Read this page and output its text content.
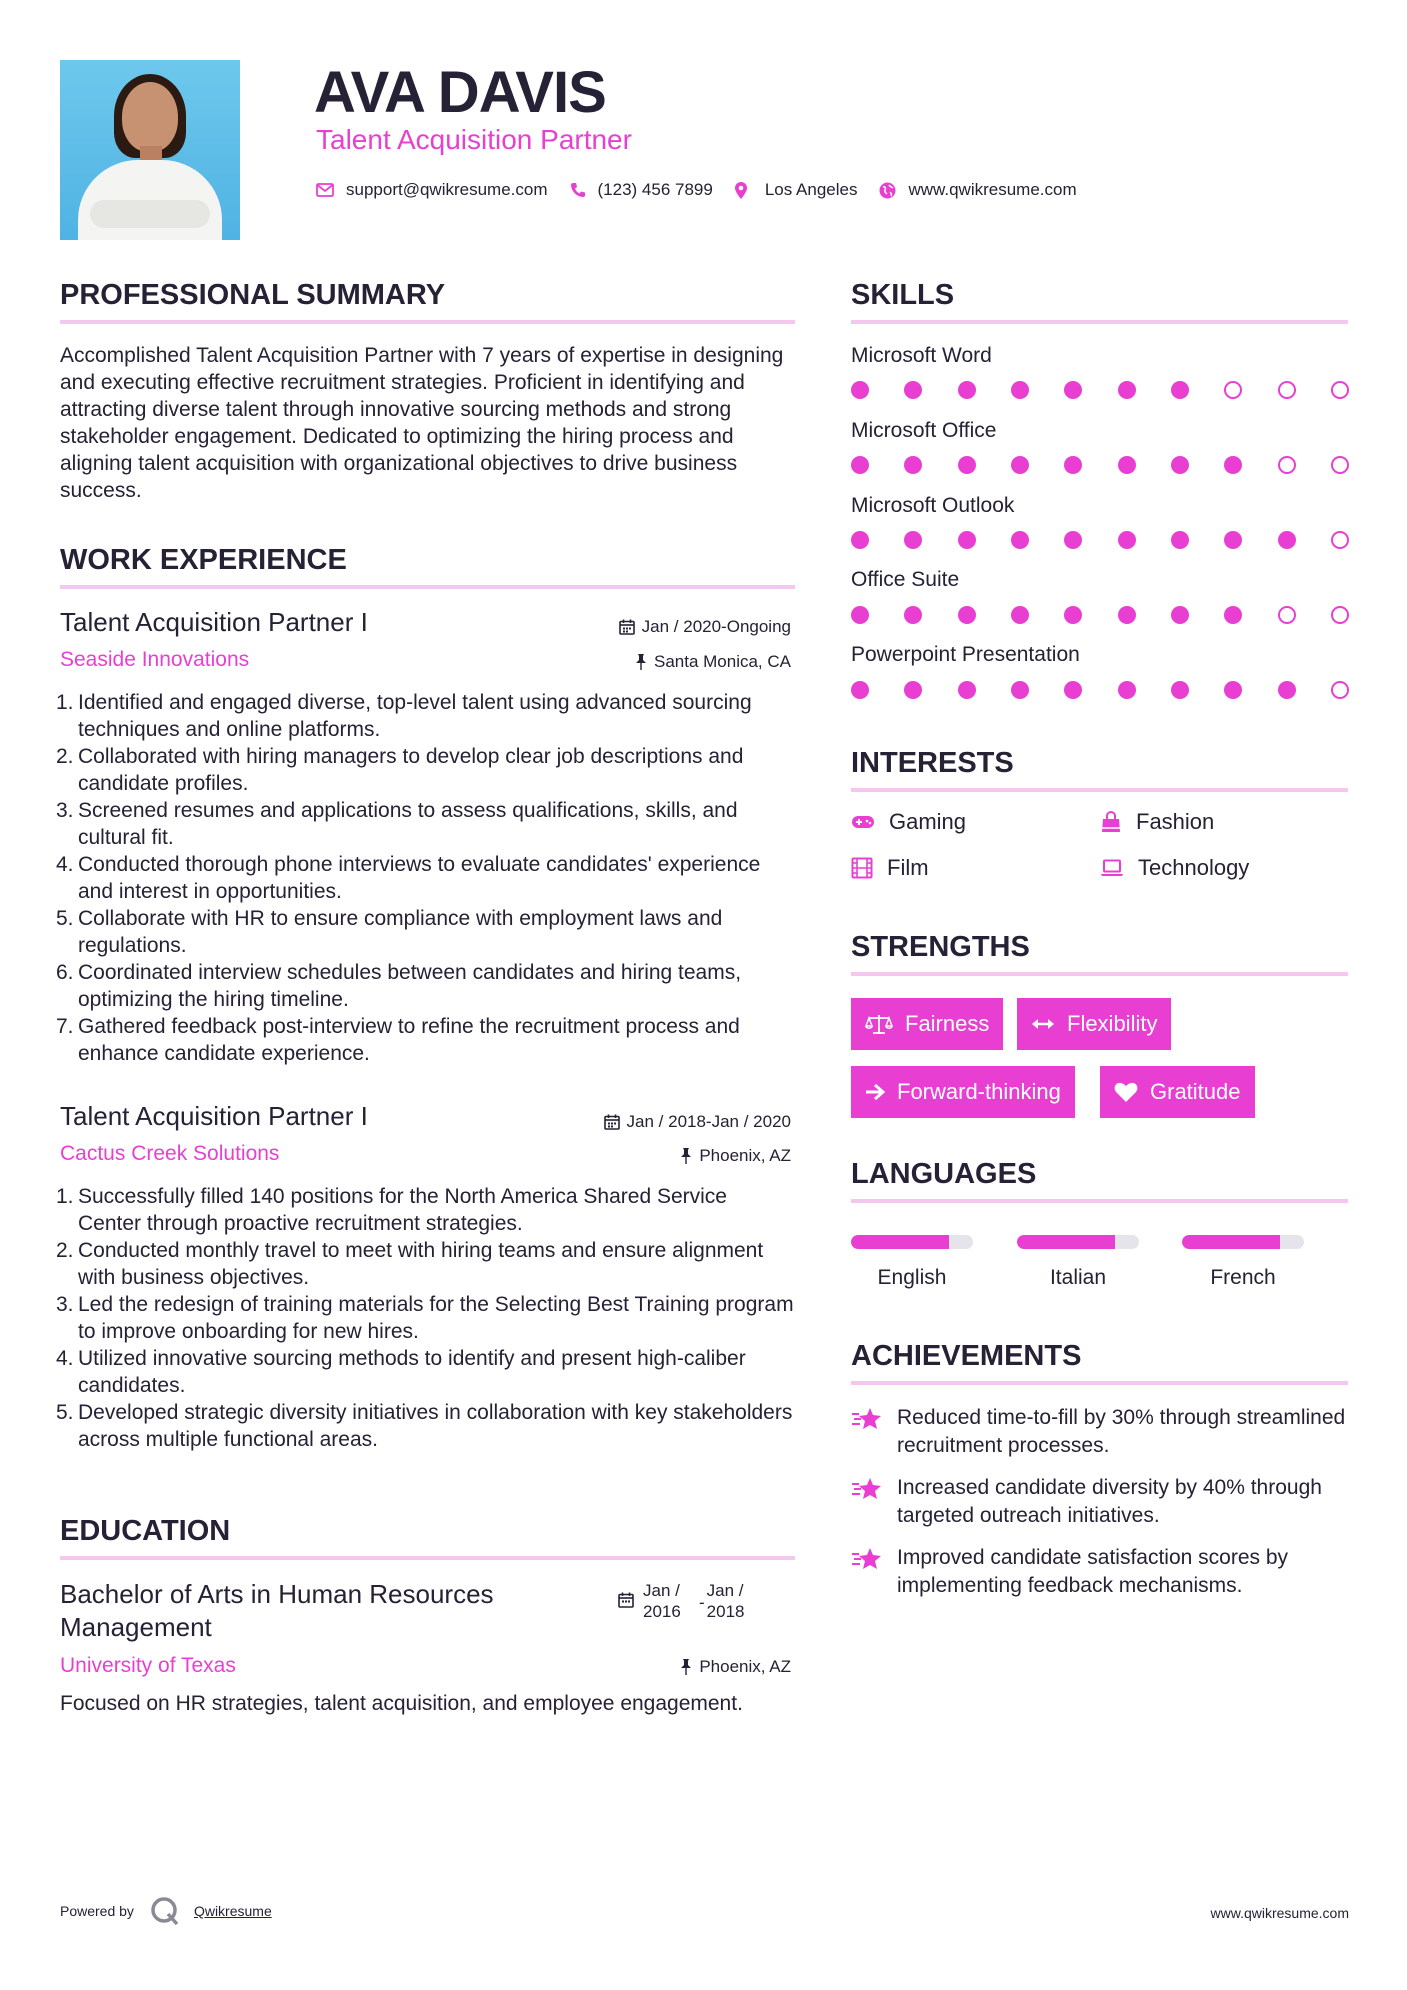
AVA DAVIS
Talent Acquisition Partner
support@qwikresume.com	(123) 456 7899	Los Angeles	www.qwikresume.com
PROFESSIONAL SUMMARY
Accomplished Talent Acquisition Partner with 7 years of expertise in designing and executing effective recruitment strategies. Proficient in identifying and attracting diverse talent through innovative sourcing methods and strong stakeholder engagement. Dedicated to optimizing the hiring process and aligning talent acquisition with organizational objectives to drive business success.
WORK EXPERIENCE
Talent Acquisition Partner I	Jan / 2020-Ongoing
Seaside Innovations	Santa Monica, CA
1. Identified and engaged diverse, top-level talent using advanced sourcing techniques and online platforms.
2. Collaborated with hiring managers to develop clear job descriptions and candidate profiles.
3. Screened resumes and applications to assess qualifications, skills, and cultural fit.
4. Conducted thorough phone interviews to evaluate candidates' experience and interest in opportunities.
5. Collaborate with HR to ensure compliance with employment laws and regulations.
6. Coordinated interview schedules between candidates and hiring teams, optimizing the hiring timeline.
7. Gathered feedback post-interview to refine the recruitment process and enhance candidate experience.
Talent Acquisition Partner I	Jan / 2018-Jan / 2020
Cactus Creek Solutions	Phoenix, AZ
1. Successfully filled 140 positions for the North America Shared Service Center through proactive recruitment strategies.
2. Conducted monthly travel to meet with hiring teams and ensure alignment with business objectives.
3. Led the redesign of training materials for the Selecting Best Training program to improve onboarding for new hires.
4. Utilized innovative sourcing methods to identify and present high-caliber candidates.
5. Developed strategic diversity initiatives in collaboration with key stakeholders across multiple functional areas.
EDUCATION
Bachelor of Arts in Human Resources Management
Jan / 2016	-
Jan / 2018
University of Texas	Phoenix, AZ
Focused on HR strategies, talent acquisition, and employee engagement.
SKILLS
Microsoft Word
Microsoft Office
Microsoft Outlook
Office Suite
Powerpoint Presentation
INTERESTS
Gaming	Fashion
Film	Technology
STRENGTHS
Fairness	Flexibility
Forward-thinking	Gratitude
LANGUAGES
English	Italian	French
ACHIEVEMENTS
Reduced time-to-fill by 30% through streamlined recruitment processes.
Increased candidate diversity by 40% through targeted outreach initiatives.
Improved candidate satisfaction scores by implementing feedback mechanisms.
Powered by	Qwikresume	www.qwikresume.com
